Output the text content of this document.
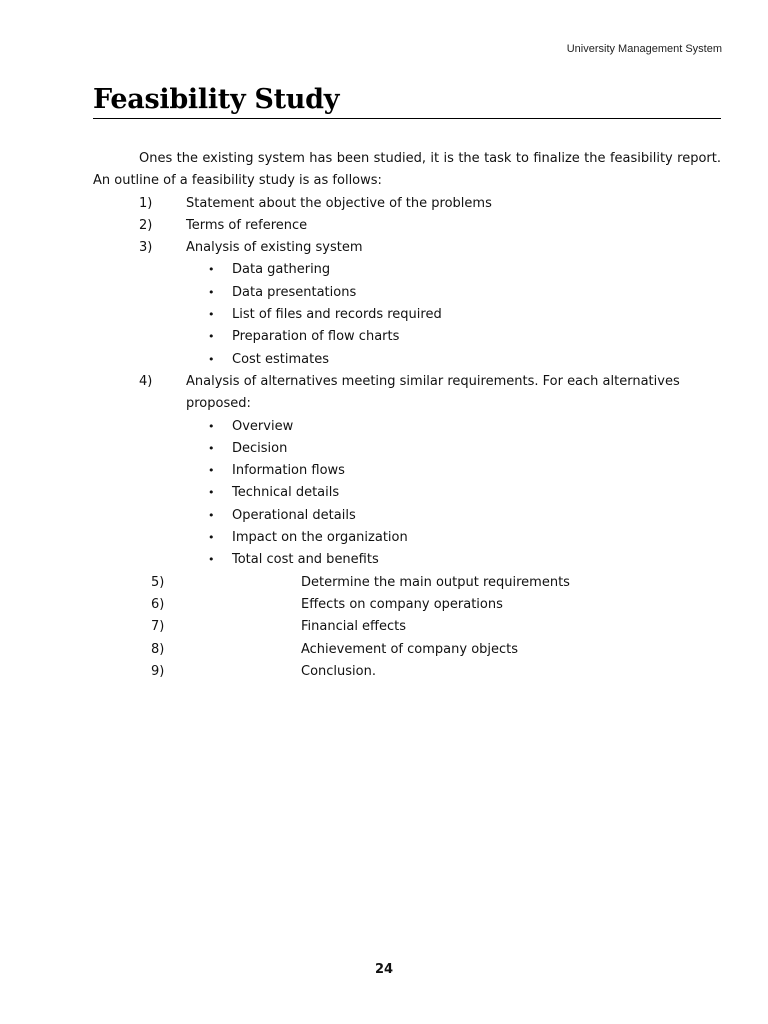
University Management System
Feasibility Study

Ones the existing system has been studied, it is the task to finalize the feasibility report. An outline of a feasibility study is as follows:

1)	Statement about the objective of the problems
2)	Terms of reference
3)	Analysis of existing system
• Data gathering
• Data presentations
• List of files and records required
• Preparation of flow charts
• Cost estimates
4)	Analysis of alternatives meeting similar requirements. For each alternatives
proposed:
• Overview
• Decision
• Information flows
• Technical details
• Operational details
• Impact on the organization
• Total cost and benefits
5)	Determine the main output requirements
6)	Effects on company operations
7)	Financial effects
8)	Achievement of company objects
9)	Conclusion.
24
